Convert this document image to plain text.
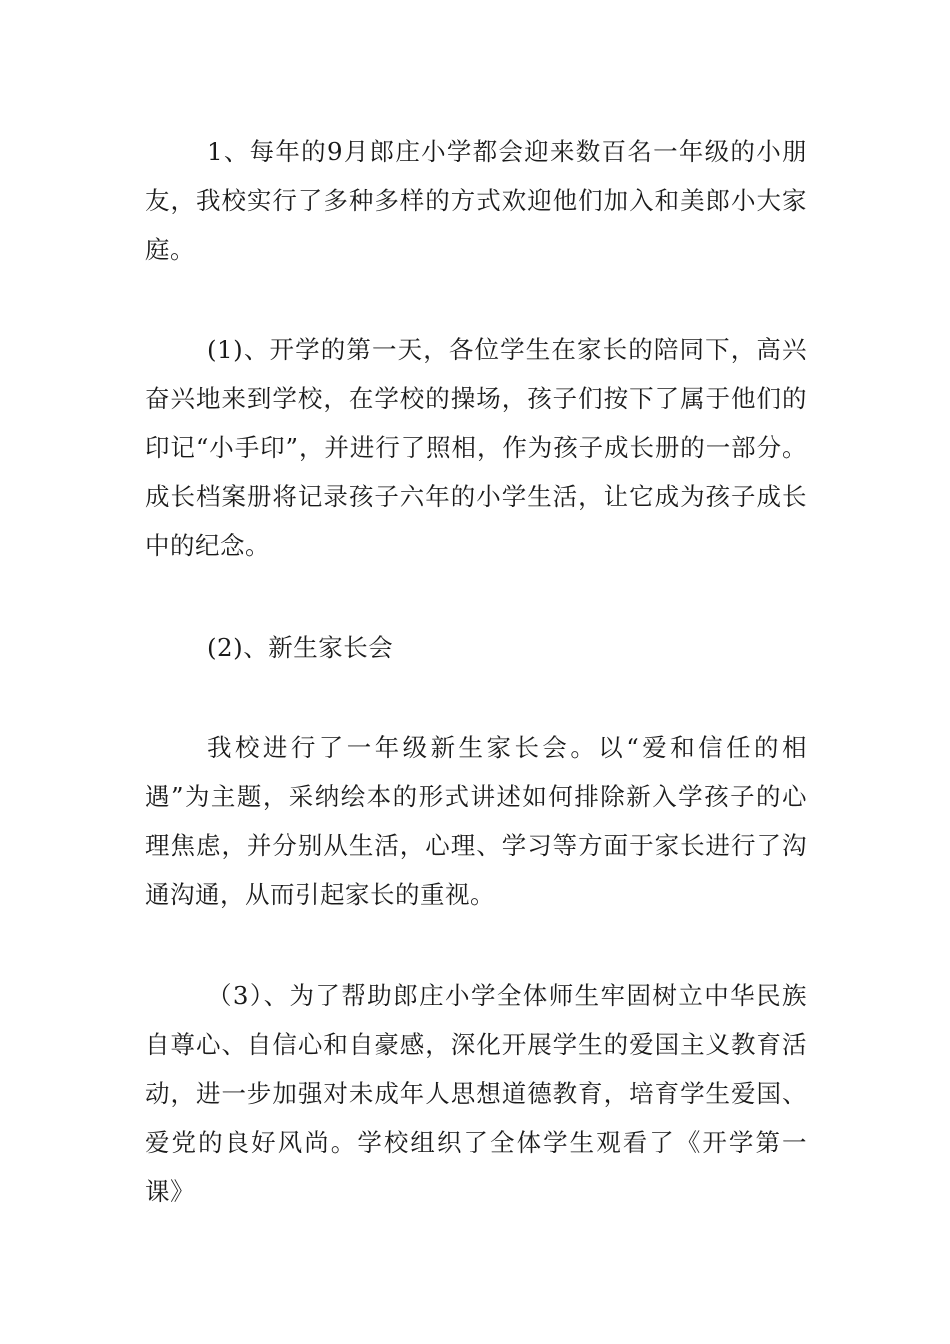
1、每年的9月郎庄小学都会迎来数百名一年级的小朋友，我校实行了多种多样的方式欢迎他们加入和美郎小大家庭。

(1)、开学的第一天，各位学生在家长的陪同下，高兴奋兴地来到学校，在学校的操场，孩子们按下了属于他们的印记“小手印”，并进行了照相，作为孩子成长册的一部分。成长档案册将记录孩子六年的小学生活，让它成为孩子成长中的纪念。

(2)、新生家长会

我校进行了一年级新生家长会。以“爱和信任的相遇”为主题，采纳绘本的形式讲述如何排除新入学孩子的心理焦虑，并分别从生活，心理、学习等方面于家长进行了沟通沟通，从而引起家长的重视。

（3）、为了帮助郎庄小学全体师生牢固树立中华民族自尊心、自信心和自豪感，深化开展学生的爱国主义教育活动，进一步加强对未成年人思想道德教育，培育学生爱国、爱党的良好风尚。学校组织了全体学生观看了《开学第一课》
